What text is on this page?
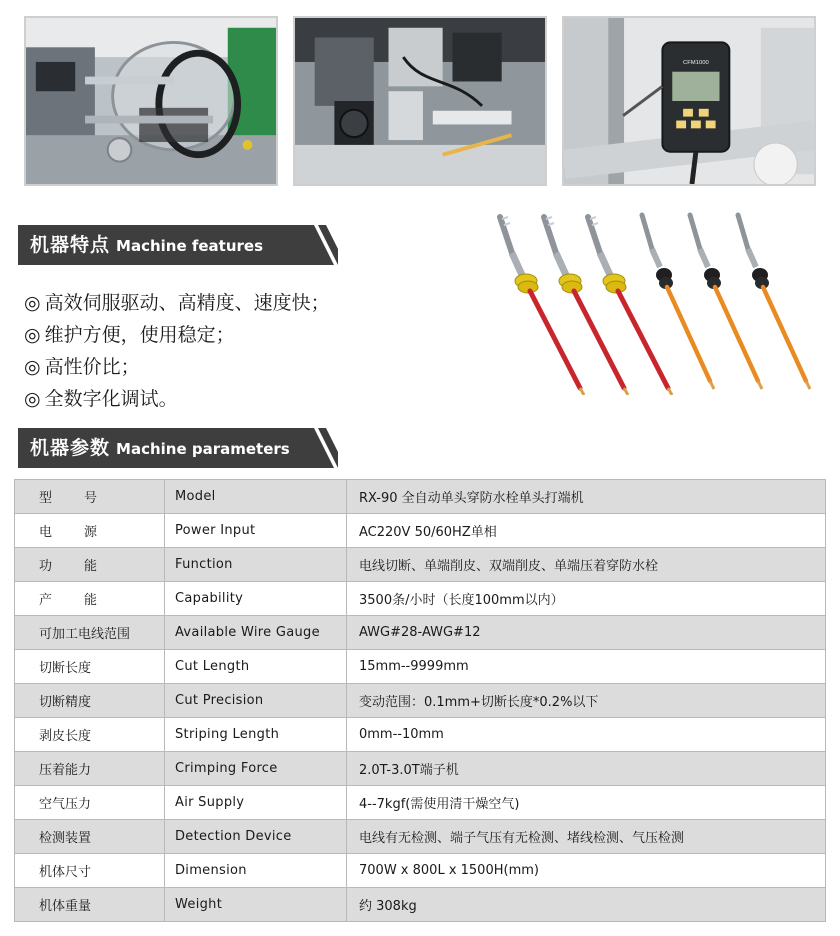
CFM1000
机器特点 Machine features
◎ 高效伺服驱动、高精度、速度快；
◎ 维护方便，使用稳定；
◎ 高性价比；
◎ 全数字化调试。
机器参数 Machine parameters
型 号	Model	RX-90 全自动单头穿防水栓单头打端机

电 源	Power Input	AC220V 50/60HZ单相

功 能	Function	电线切断、单端削皮、双端削皮、单端压着穿防水栓

产 能	Capability	3500条/小时（长度100mm以内）
可加工电线范围	Available Wire Gauge	AWG#28-AWG#12
切断长度	Cut Length	15mm--9999mm
切断精度	Cut Precision	变动范围：0.1mm+切断长度*0.2%以下
剥皮长度	Striping Length	0mm--10mm
压着能力	Crimping Force	2.0T-3.0T端子机
空气压力	Air Supply	4--7kgf(需使用清干燥空气)
检测装置	Detection Device	电线有无检测、端子气压有无检测、堵线检测、气压检测
机体尺寸	Dimension	700W x 800L x 1500H(mm)
机体重量	Weight	约 308kg
